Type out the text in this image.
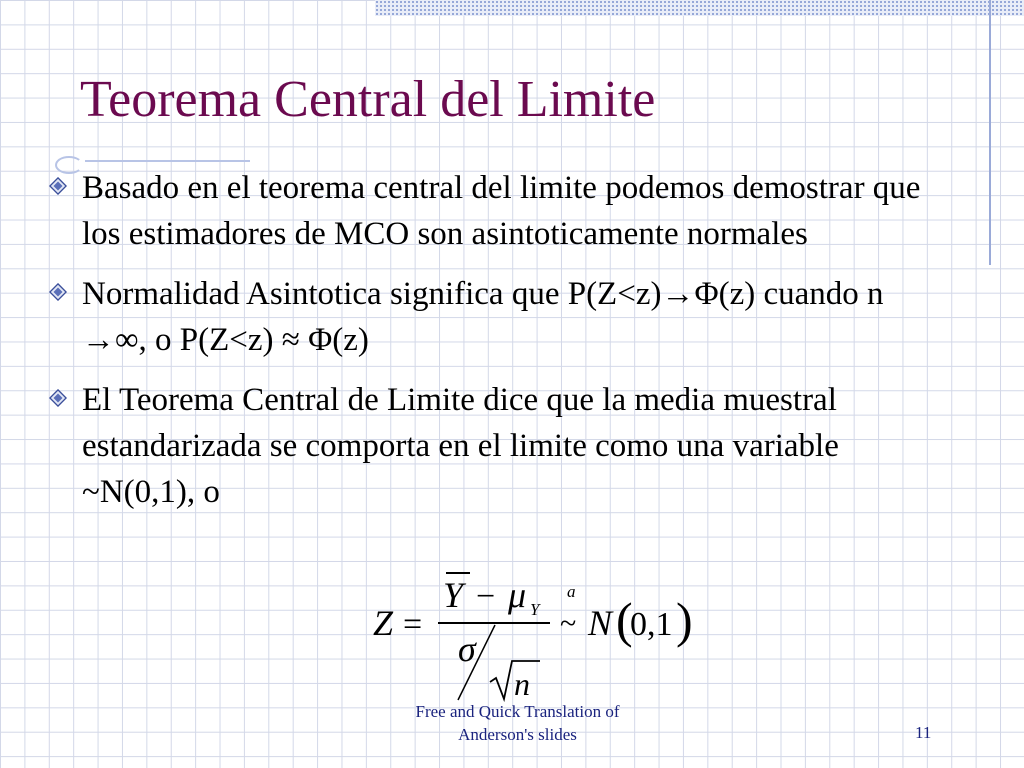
Teorema Central del Limite
Basado en el teorema central del limite podemos demostrar que los estimadores de MCO son asintoticamente normales
Normalidad Asintotica significa que P(Z<z)→Φ(z) cuando n →∞, o P(Z<z) ≈ Φ(z)
El Teorema Central de Limite dice que la media muestral estandarizada se comporta en el limite como una variable ~N(0,1), o
Z =
Y − μ Y
σ
n
a
~ N (
0,1 )
Free and Quick Translation of
Anderson's slides	11
